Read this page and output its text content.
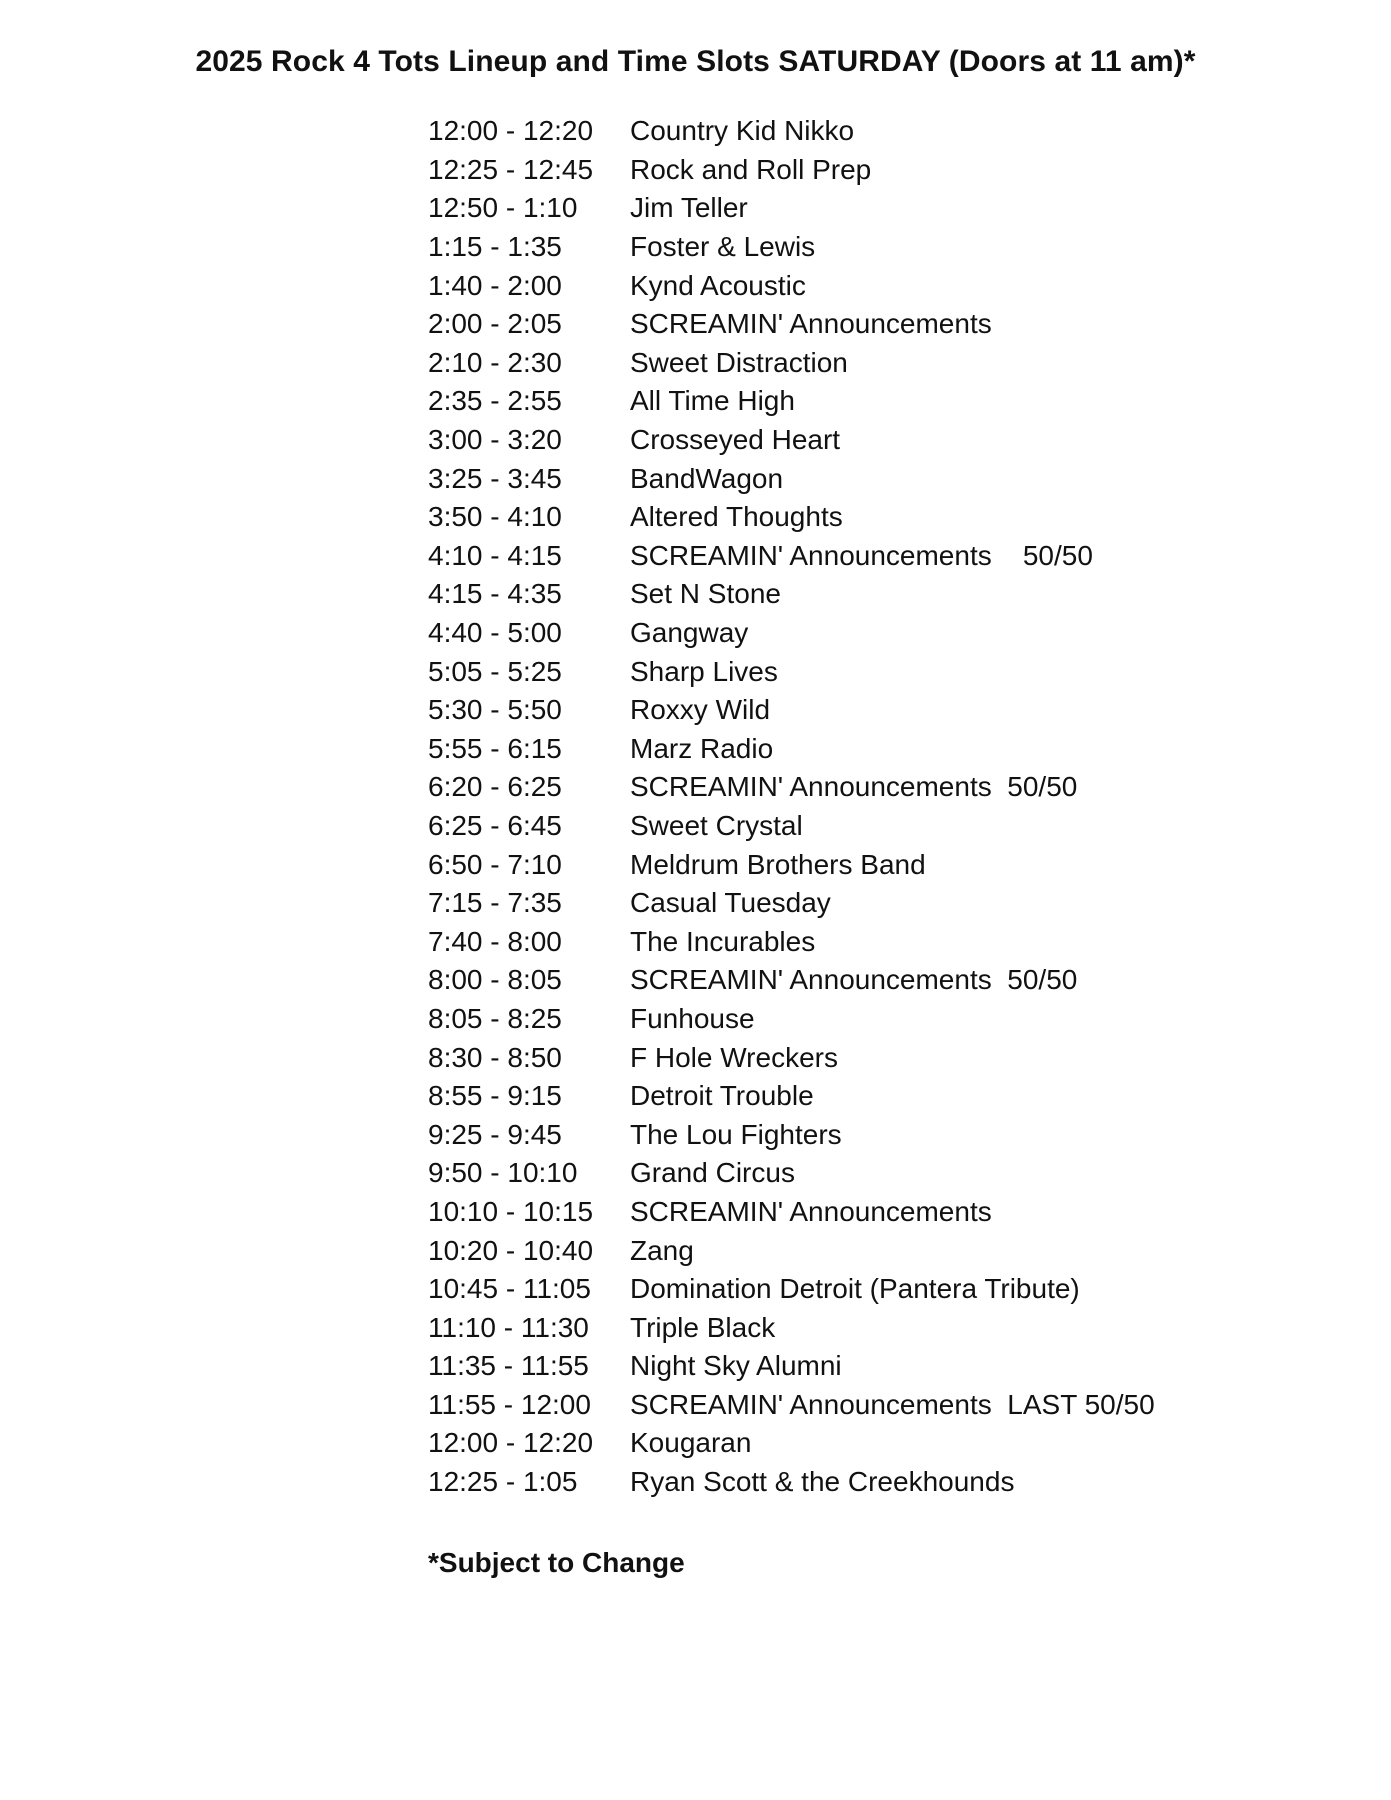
2025 Rock 4 Tots Lineup and Time Slots SATURDAY (Doors at 11 am)*
12:00 - 12:20	Country Kid Nikko
12:25 - 12:45	Rock and Roll Prep
12:50 - 1:10	Jim Teller
1:15 - 1:35	Foster & Lewis
1:40 - 2:00	Kynd Acoustic
2:00 - 2:05	SCREAMIN' Announcements
2:10 - 2:30	Sweet Distraction
2:35 - 2:55	All Time High
3:00 - 3:20	Crosseyed Heart
3:25 - 3:45	BandWagon
3:50 - 4:10	Altered Thoughts
4:10 - 4:15	SCREAMIN' Announcements    50/50
4:15 - 4:35	Set N Stone
4:40 - 5:00	Gangway
5:05 - 5:25	Sharp Lives
5:30 - 5:50	Roxxy Wild
5:55 - 6:15	Marz Radio
6:20 - 6:25	SCREAMIN' Announcements  50/50
6:25 - 6:45	Sweet Crystal
6:50 - 7:10	Meldrum Brothers Band
7:15 - 7:35	Casual Tuesday
7:40 - 8:00	The Incurables
8:00 - 8:05	SCREAMIN' Announcements  50/50
8:05 - 8:25	Funhouse
8:30 - 8:50	F Hole Wreckers
8:55 - 9:15	Detroit Trouble
9:25 - 9:45	The Lou Fighters
9:50 - 10:10	Grand Circus
10:10 - 10:15	SCREAMIN' Announcements
10:20 - 10:40	Zang
10:45 - 11:05	Domination Detroit (Pantera Tribute)
11:10 - 11:30	Triple Black
11:35 - 11:55	Night Sky Alumni
11:55 - 12:00	SCREAMIN' Announcements  LAST 50/50
12:00 - 12:20	Kougaran
12:25 - 1:05	Ryan Scott & the Creekhounds
*Subject to Change
